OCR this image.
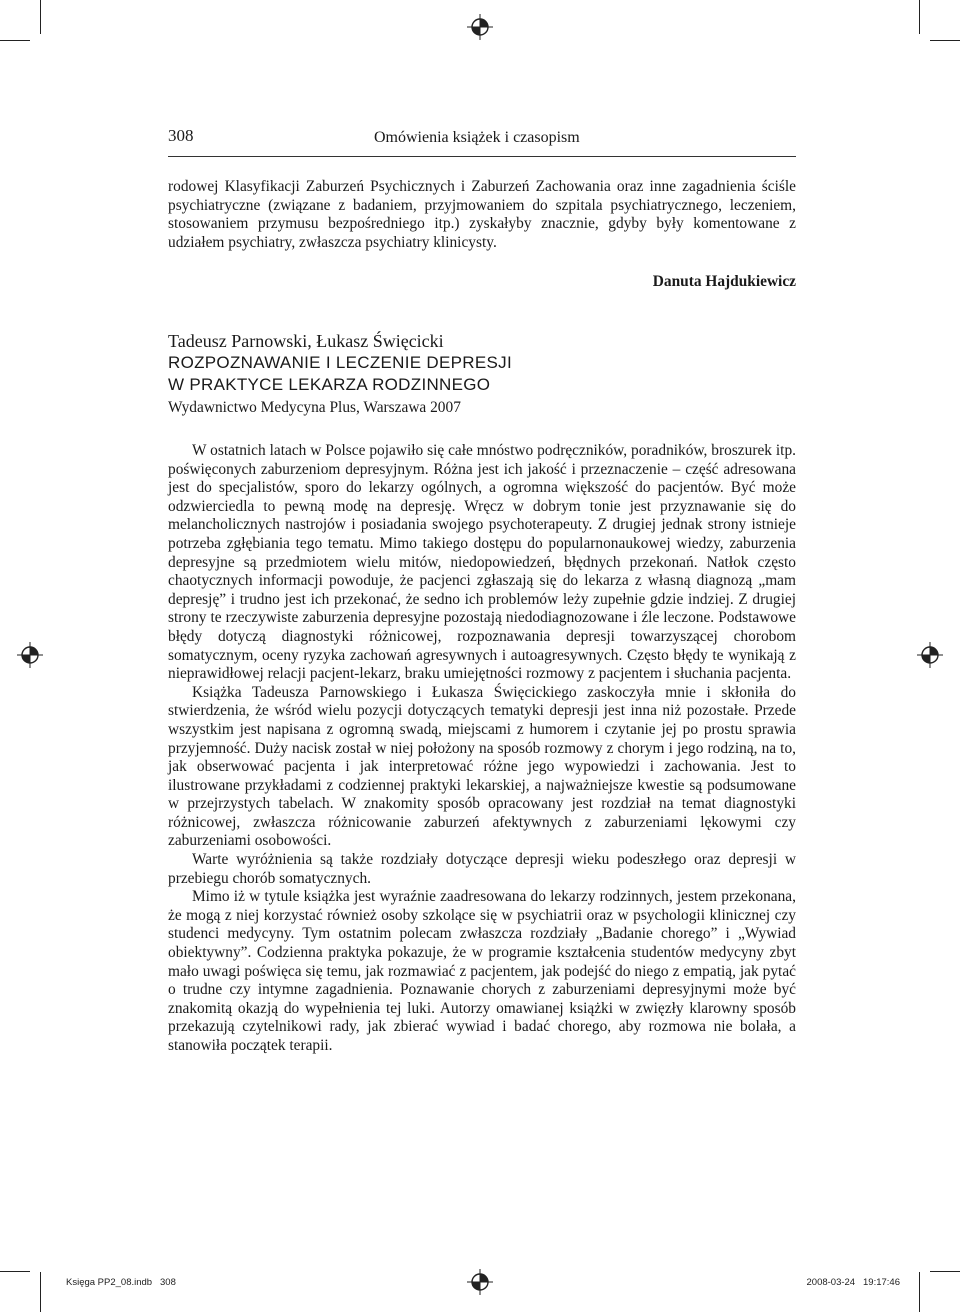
308	Omówienia książek i czasopism

rodowej Klasyfikacji Zaburzeń Psychicznych i Zaburzeń Zachowania oraz inne zagadnienia ściśle psychiatryczne (związane z badaniem, przyjmowaniem do szpitala psychiatrycznego, leczeniem, stosowaniem przymusu bezpośredniego itp.) zyskałyby znacznie, gdyby były komentowane z udziałem psychiatry, zwłaszcza psychiatry klinicysty.

Danuta Hajdukiewicz
Tadeusz Parnowski, Łukasz Święcicki
ROZPOZNAWANIE I LECZENIE DEPRESJI
W PRAKTYCE LEKARZA RODZINNEGO
Wydawnictwo Medycyna Plus, Warszawa 2007

W ostatnich latach w Polsce pojawiło się całe mnóstwo podręczników, poradników, broszurek itp. poświęconych zaburzeniom depresyjnym. Różna jest ich jakość i przeznaczenie – część adresowana jest do specjalistów, sporo do lekarzy ogólnych, a ogromna większość do pacjentów. Być może odzwierciedla to pewną modę na depresję. Wręcz w dobrym tonie jest przyznawanie się do melancholicznych nastrojów i posiadania swojego psychoterapeuty. Z drugiej jednak strony istnieje potrzeba zgłębiania tego tematu. Mimo takiego dostępu do popularnonaukowej wiedzy, zaburzenia depresyjne są przedmiotem wielu mitów, niedopowiedzeń, błędnych przekonań. Natłok często chaotycznych informacji powoduje, że pacjenci zgłaszają się do lekarza z własną diagnozą „mam depresję” i trudno jest ich przekonać, że sedno ich problemów leży zupełnie gdzie indziej. Z drugiej strony te rzeczywiste zaburzenia depresyjne pozostają niedodiagnozowane i źle leczone. Podstawowe błędy dotyczą diagnostyki różnicowej, rozpoznawania depresji towarzyszącej chorobom somatycznym, oceny ryzyka zachowań agresywnych i autoagresywnych. Często błędy te wynikają z nieprawidłowej relacji pacjent-lekarz, braku umiejętności rozmowy z pacjentem i słuchania pacjenta.

Książka Tadeusza Parnowskiego i Łukasza Święcickiego zaskoczyła mnie i skłoniła do stwierdzenia, że wśród wielu pozycji dotyczących tematyki depresji jest inna niż pozostałe. Przede wszystkim jest napisana z ogromną swadą, miejscami z humorem i czytanie jej po prostu sprawia przyjemność. Duży nacisk został w niej położony na sposób rozmowy z chorym i jego rodziną, na to, jak obserwować pacjenta i jak interpretować różne jego wypowiedzi i zachowania. Jest to ilustrowane przykładami z codziennej praktyki lekarskiej, a najważniejsze kwestie są podsumowane w przejrzystych tabelach. W znakomity sposób opracowany jest rozdział na temat diagnostyki różnicowej, zwłaszcza różnicowanie zaburzeń afektywnych z zaburzeniami lękowymi czy zaburzeniami osobowości.

Warte wyróżnienia są także rozdziały dotyczące depresji wieku podeszłego oraz depresji w przebiegu chorób somatycznych.

Mimo iż w tytule książka jest wyraźnie zaadresowana do lekarzy rodzinnych, jestem przekonana, że mogą z niej korzystać również osoby szkolące się w psychiatrii oraz w psychologii klinicznej czy studenci medycyny. Tym ostatnim polecam zwłaszcza rozdziały „Badanie chorego” i „Wywiad obiektywny”. Codzienna praktyka pokazuje, że w programie kształcenia studentów medycyny zbyt mało uwagi poświęca się temu, jak rozmawiać z pacjentem, jak podejść do niego z empatią, jak pytać o trudne czy intymne zagadnienia. Poznawanie chorych z zaburzeniami depresyjnymi może być znakomitą okazją do wypełnienia tej luki. Autorzy omawianej książki w zwięzły klarowny sposób przekazują czytelnikowi rady, jak zbierać wywiad i badać chorego, aby rozmowa nie bolała, a stanowiła początek terapii.

Księga PP2_08.indb   308	2008-03-24   19:17:46
